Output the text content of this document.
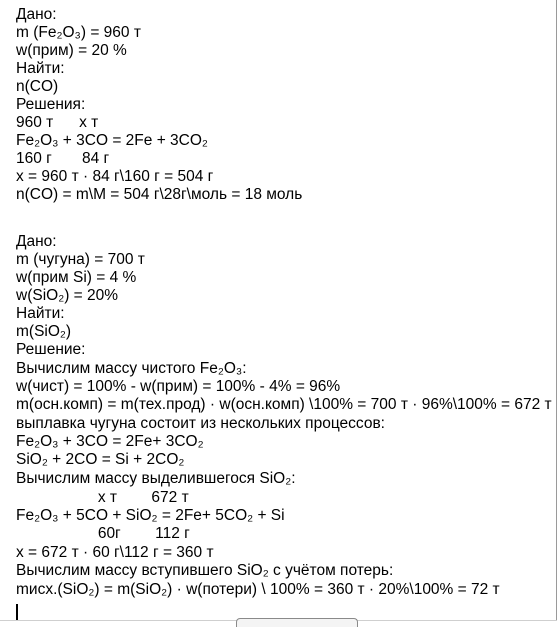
Дано:
m (Fe₂O₃) = 960 т
w(прим) = 20 %
Найти:
n(CO)
Решения:
960 т      x т
Fe₂O₃ + 3CO = 2Fe + 3CO₂
160 г       84 г
x = 960 т · 84 г\160 г = 504 г
n(CO) = m\M = 504 г\28г\моль = 18 моль
Дано:
m (чугуна) = 700 т
w(прим Si) = 4 %
w(SiO₂) = 20%
Найти:
m(SiO₂)
Решение:
Вычислим массу чистого Fe₂O₃:
w(чист) = 100% - w(прим) = 100% - 4% = 96%
m(осн.комп) = m(тех.прод) · w(осн.комп) \100% = 700 т · 96%\100% = 672 т
выплавка чугуна состоит из нескольких процессов:
Fe₂O₃ + 3CO = 2Fe+ 3CO₂
SiO₂ + 2CO = Si + 2CO₂
Вычислим массу выделившегося SiO₂:
x т        672 т
Fe₂O₃ + 5CO + SiO₂ = 2Fe+ 5CO₂ + Si
60г        112 г
x = 672 т · 60 г\112 г = 360 т
Вычислим массу вступившего SiO₂ с учётом потерь:
mисх.(SiO₂) = m(SiO₂) · w(потери) \ 100% = 360 т · 20%\100% = 72 т
